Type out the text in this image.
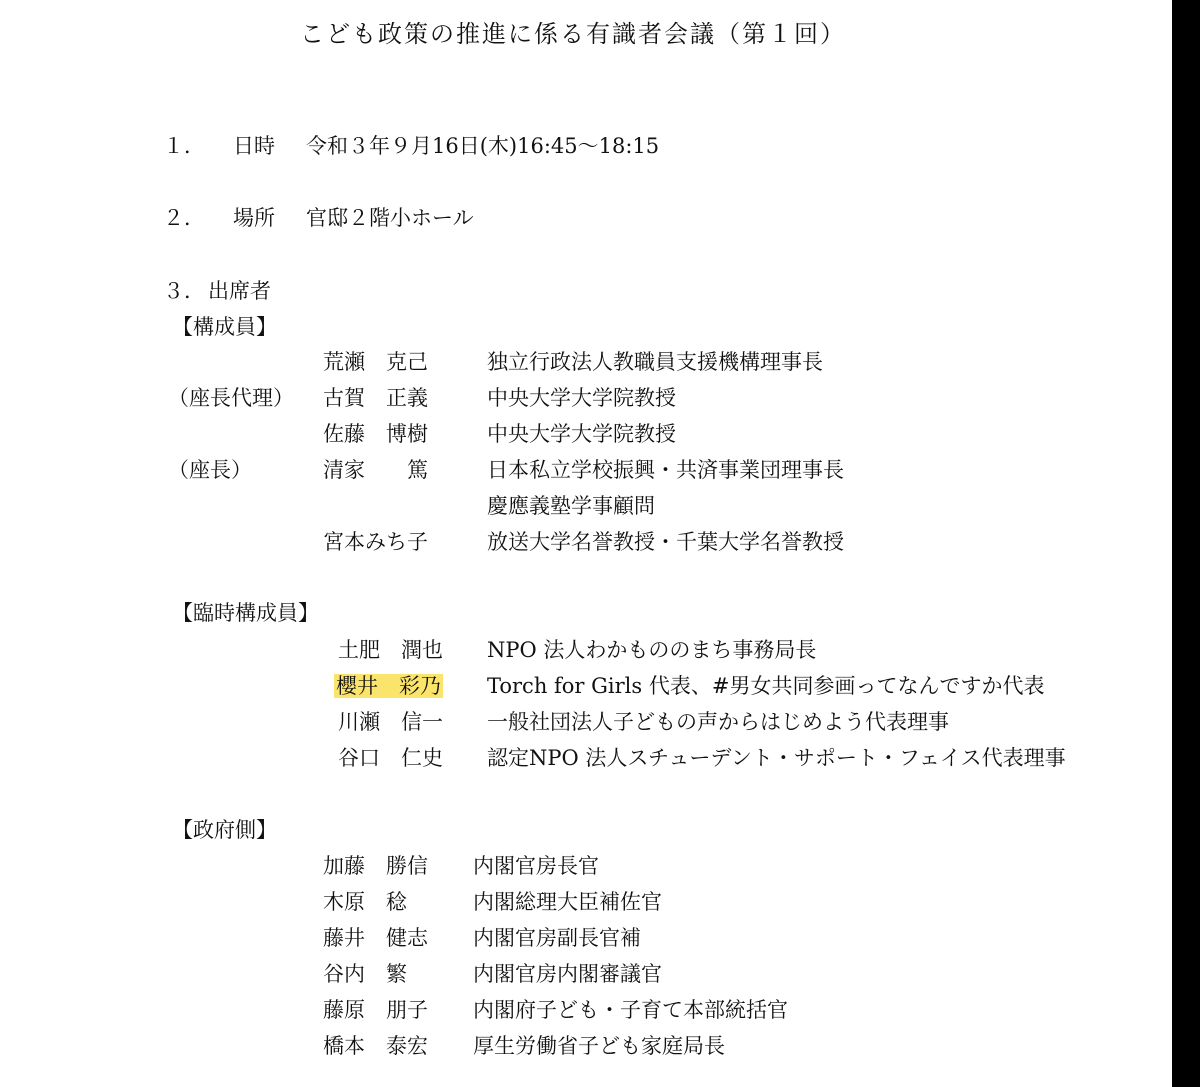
こども政策の推進に係る有識者会議（第１回）
１． 日時 令和３年９月16日(木)16:45～18:15
２． 場所 官邸２階小ホール
３． 出席者
【構成員】
荒瀬　克己	独立行政法人教職員支援機構理事長
（座長代理） 古賀　正義	中央大学大学院教授
佐藤　博樹	中央大学大学院教授
（座長）	清家　　篤	日本私立学校振興・共済事業団理事長
慶應義塾学事顧問
宮本みち子	放送大学名誉教授・千葉大学名誉教授
【臨時構成員】
土肥　潤也 NPO 法人わかもののまち事務局長
櫻井　彩乃 Torch for Girls 代表、#男女共同参画ってなんですか代表
川瀬　信一 一般社団法人子どもの声からはじめよう代表理事
谷口　仁史 認定NPO 法人スチューデント・サポート・フェイス代表理事
【政府側】
加藤　勝信 内閣官房長官
木原　稔	内閣総理大臣補佐官
藤井　健志 内閣官房副長官補
谷内　繁	内閣官房内閣審議官
藤原　朋子 内閣府子ども・子育て本部統括官
橋本　泰宏 厚生労働省子ども家庭局長
